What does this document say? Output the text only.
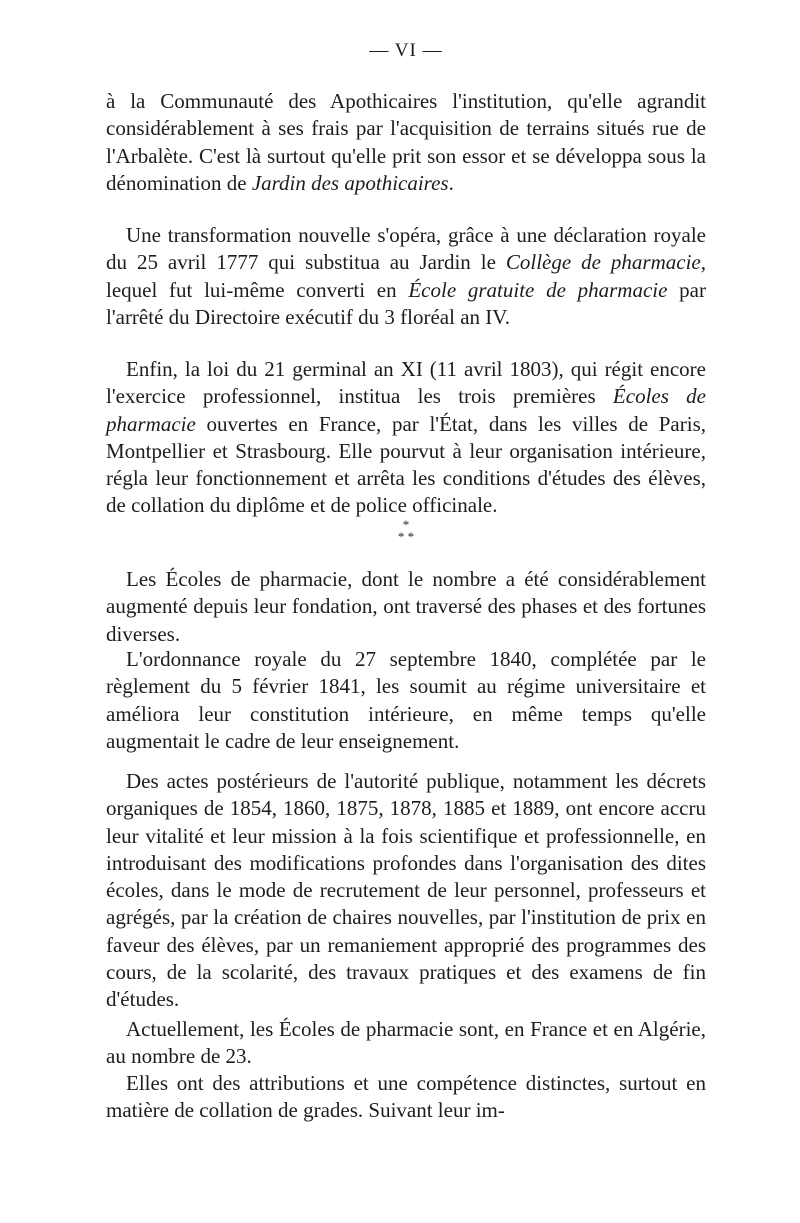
— VI —

à la Communauté des Apothicaires l'institution, qu'elle agrandit considérablement à ses frais par l'acquisition de terrains situés rue de l'Arbalète. C'est là surtout qu'elle prit son essor et se développa sous la dénomination de Jardin des apothicaires.

Une transformation nouvelle s'opéra, grâce à une déclaration royale du 25 avril 1777 qui substitua au Jardin le Collège de pharmacie, lequel fut lui-même converti en École gratuite de pharmacie par l'arrêté du Directoire exécutif du 3 floréal an IV.

Enfin, la loi du 21 germinal an XI (11 avril 1803), qui régit encore l'exercice professionnel, institua les trois premières Écoles de pharmacie ouvertes en France, par l'État, dans les villes de Paris, Montpellier et Strasbourg. Elle pourvut à leur organisation intérieure, régla leur fonctionnement et arrêta les conditions d'études des élèves, de collation du diplôme et de police officinale.

*
* *

Les Écoles de pharmacie, dont le nombre a été considérablement augmenté depuis leur fondation, ont traversé des phases et des fortunes diverses.

L'ordonnance royale du 27 septembre 1840, complétée par le règlement du 5 février 1841, les soumit au régime universitaire et améliora leur constitution intérieure, en même temps qu'elle augmentait le cadre de leur enseignement.

Des actes postérieurs de l'autorité publique, notamment les décrets organiques de 1854, 1860, 1875, 1878, 1885 et 1889, ont encore accru leur vitalité et leur mission à la fois scientifique et professionnelle, en introduisant des modifications profondes dans l'organisation des dites écoles, dans le mode de recrutement de leur personnel, professeurs et agrégés, par la création de chaires nouvelles, par l'institution de prix en faveur des élèves, par un remaniement approprié des programmes des cours, de la scolarité, des travaux pratiques et des examens de fin d'études.

Actuellement, les Écoles de pharmacie sont, en France et en Algérie, au nombre de 23.

Elles ont des attributions et une compétence distinctes, surtout en matière de collation de grades. Suivant leur im-
